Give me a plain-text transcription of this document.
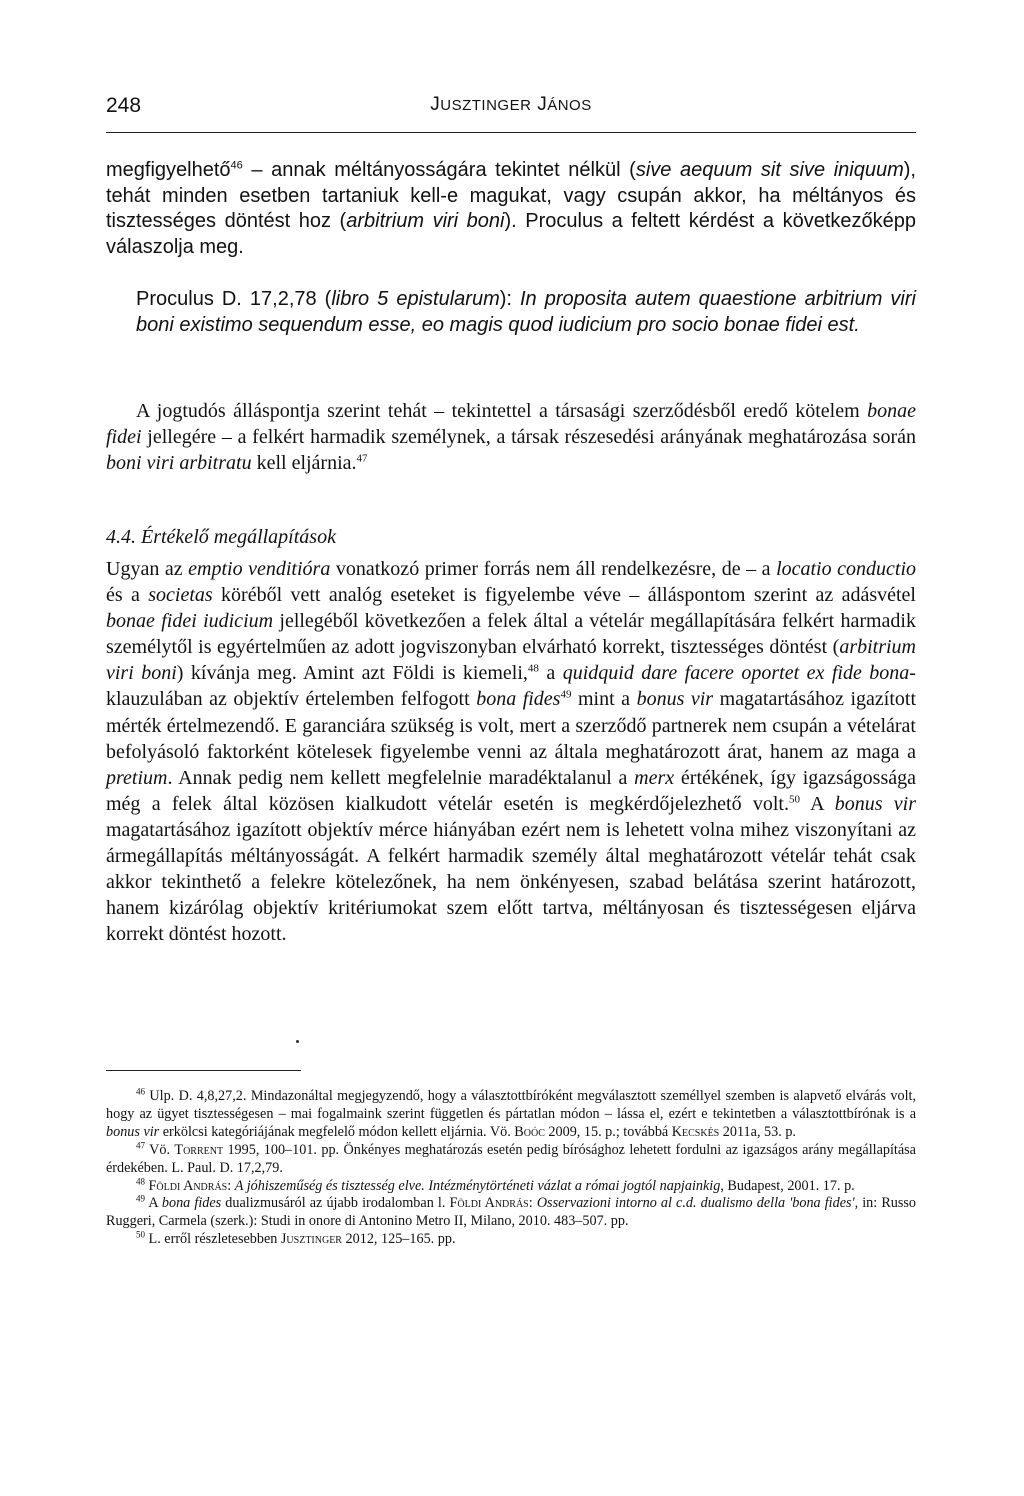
248	JUSZTINGER JÁNOS

megfigyelhető$^{46}$ – annak méltányosságára tekintet nélkül (sive aequum sit sive iniquum), tehát minden esetben tartaniuk kell-e magukat, vagy csupán akkor, ha méltányos és tisztességes döntést hoz (arbitrium viri boni). Proculus a feltett kérdést a következőképp válaszolja meg.

Proculus D. 17,2,78 (libro 5 epistularum): In proposita autem quaestione arbitrium viri boni existimo sequendum esse, eo magis quod iudicium pro socio bonae fidei est.

A jogtudós álláspontja szerint tehát – tekintettel a társasági szerződésből eredő kötelem bonae fidei jellegére – a felkért harmadik személynek, a társak részesedési arányának meghatározása során boni viri arbitratu kell eljárnia.$^{47}$

4.4. Értékelő megállapítások

Ugyan az emptio venditióra vonatkozó primer forrás nem áll rendelkezésre, de – a locatio conductio és a societas köréből vett analóg eseteket is figyelembe véve – álláspontom szerint az adásvétel bonae fidei iudicium jellegéből következően a felek által a vételár megállapítására felkért harmadik személytől is egyértelműen az adott jogviszonyban elvárható korrekt, tisztességes döntést (arbitrium viri boni) kívánja meg. Amint azt Földi is kiemeli,$^{48}$ a quidquid dare facere oportet ex fide bona-klauzulában az objektív értelemben felfogott bona fides$^{49}$ mint a bonus vir magatartásához igazított mérték értelmezendő. E garanciára szükség is volt, mert a szerződő partnerek nem csupán a vételárat befolyásoló faktorként kötelesek figyelembe venni az általa meghatározott árat, hanem az maga a pretium. Annak pedig nem kellett megfelelnie maradéktalanul a merx értékének, így igazságossága még a felek által közösen kialkudott vételár esetén is megkérdőjelezhető volt.$^{50}$ A bonus vir magatartásához igazított objektív mérce hiányában ezért nem is lehetett volna mihez viszonyítani az ármegállapítás méltányosságát. A felkért harmadik személy által meghatározott vételár tehát csak akkor tekinthető a felekre kötelezőnek, ha nem önkényesen, szabad belátása szerint határozott, hanem kizárólag objektív kritériumokat szem előtt tartva, méltányosan és tisztességesen eljárva korrekt döntést hozott.

$^{46}$ Ulp. D. 4,8,27,2. Mindazonáltal megjegyzendő, hogy a választottbíróként megválasztott személlyel szemben is alapvető elvárás volt, hogy az ügyet tisztességesen – mai fogalmaink szerint független és pártatlan módon – lássa el, ezért e tekintetben a választottbírónak is a bonus vir erkölcsi kategóriájának megfelelő módon kellett eljárnia. Vö. Boóc 2009, 15. p.; továbbá Kecskés 2011a, 53. p.

$^{47}$ Vö. Torrent 1995, 100–101. pp. Önkényes meghatározás esetén pedig bírósághoz lehetett fordulni az igazságos arány megállapítása érdekében. L. Paul. D. 17,2,79.

$^{48}$ Földi András: A jóhiszeműség és tisztesség elve. Intézménytörténeti vázlat a római jogtól napjainkig, Budapest, 2001. 17. p.

$^{49}$ A bona fides dualizmusáról az újabb irodalomban l. Földi András: Osservazioni intorno al c.d. dualismo della 'bona fides', in: Russo Ruggeri, Carmela (szerk.): Studi in onore di Antonino Metro II, Milano, 2010. 483–507. pp.

$^{50}$ L. erről részletesebben Jusztinger 2012, 125–165. pp.
